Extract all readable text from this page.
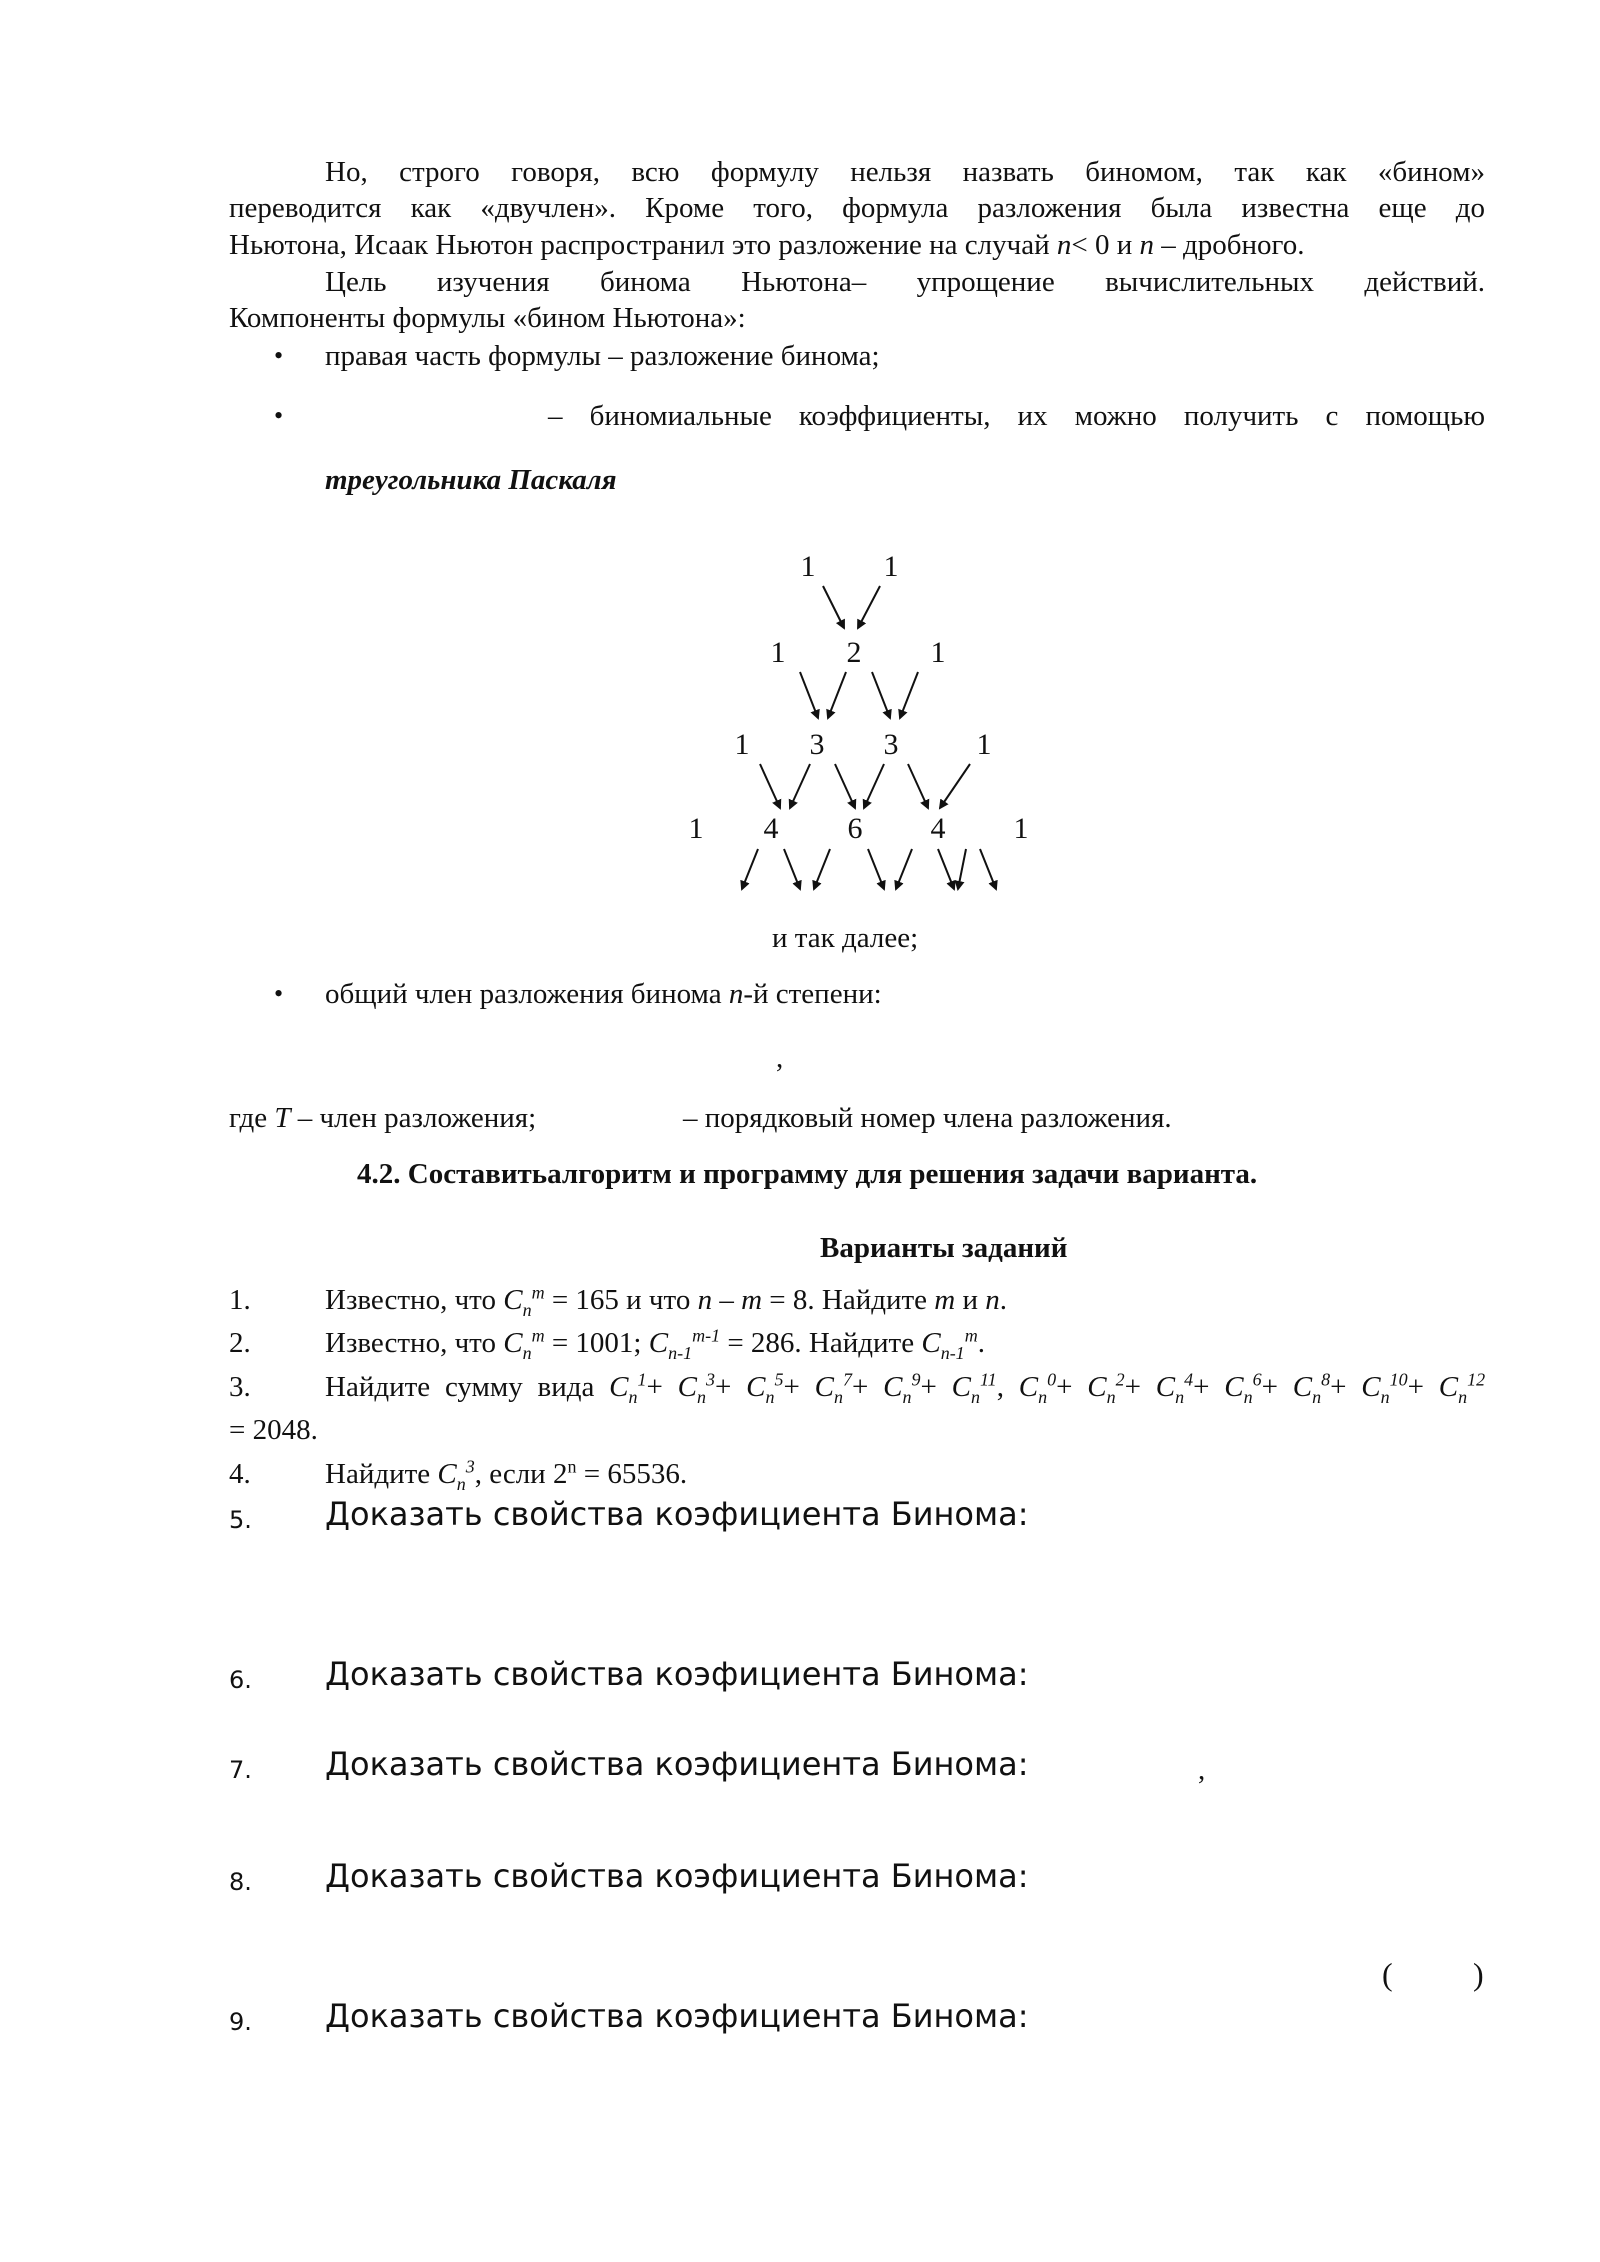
Но, строго говоря, всю формулу нельзя назвать биномом, так как «бином»
переводится как «двучлен». Кроме того, формула разложения была известна еще до
Ньютона, Исаак Ньютон распространил это разложение на случай n< 0 и n – дробного.
Цель изучения бинома Ньютона– упрощение вычислительных действий.
Компоненты формулы «бином Ньютона»:
• правая часть формулы – разложение бинома;
•	– биномиальные коэффициенты, их можно получить с помощью
треугольника Паскаля
1 1
1 2 1
1 3 3	1
1 4 6 4 1
и так далее;
• общий член разложения бинома n-й степени:
,
где T – член разложения;	– порядковый номер члена разложения.
4.2. Составитьалгоритм и программу для решения задачи варианта.
Варианты заданий
1.	Известно, что $C_n^m = 165$ и что n – m = 8. Найдите m и n.
2.	Известно, что $C_n^m = 1001$; $C_{n-1}^{m-1} = 286$. Найдите $C_{n-1}^m$.
3.	Найдите сумму вида $C_n^1+ C_n^3+ C_n^5+ C_n^7+ C_n^9+ C_n^{11}$, $C_n^0+ C_n^2+ C_n^4+ C_n^6+ C_n^8+ C_n^{10}+ C_n^{12}$
= 2048.
4.	Найдите $C_n^3$, если $2^n = 65536$.
5. Доказать свойства коэфициента Бинома:
6. Доказать свойства коэфициента Бинома:
7. Доказать свойства коэфициента Бинома:	,
8. Доказать свойства коэфициента Бинома:
(	)
9. Доказать свойства коэфициента Бинома:
